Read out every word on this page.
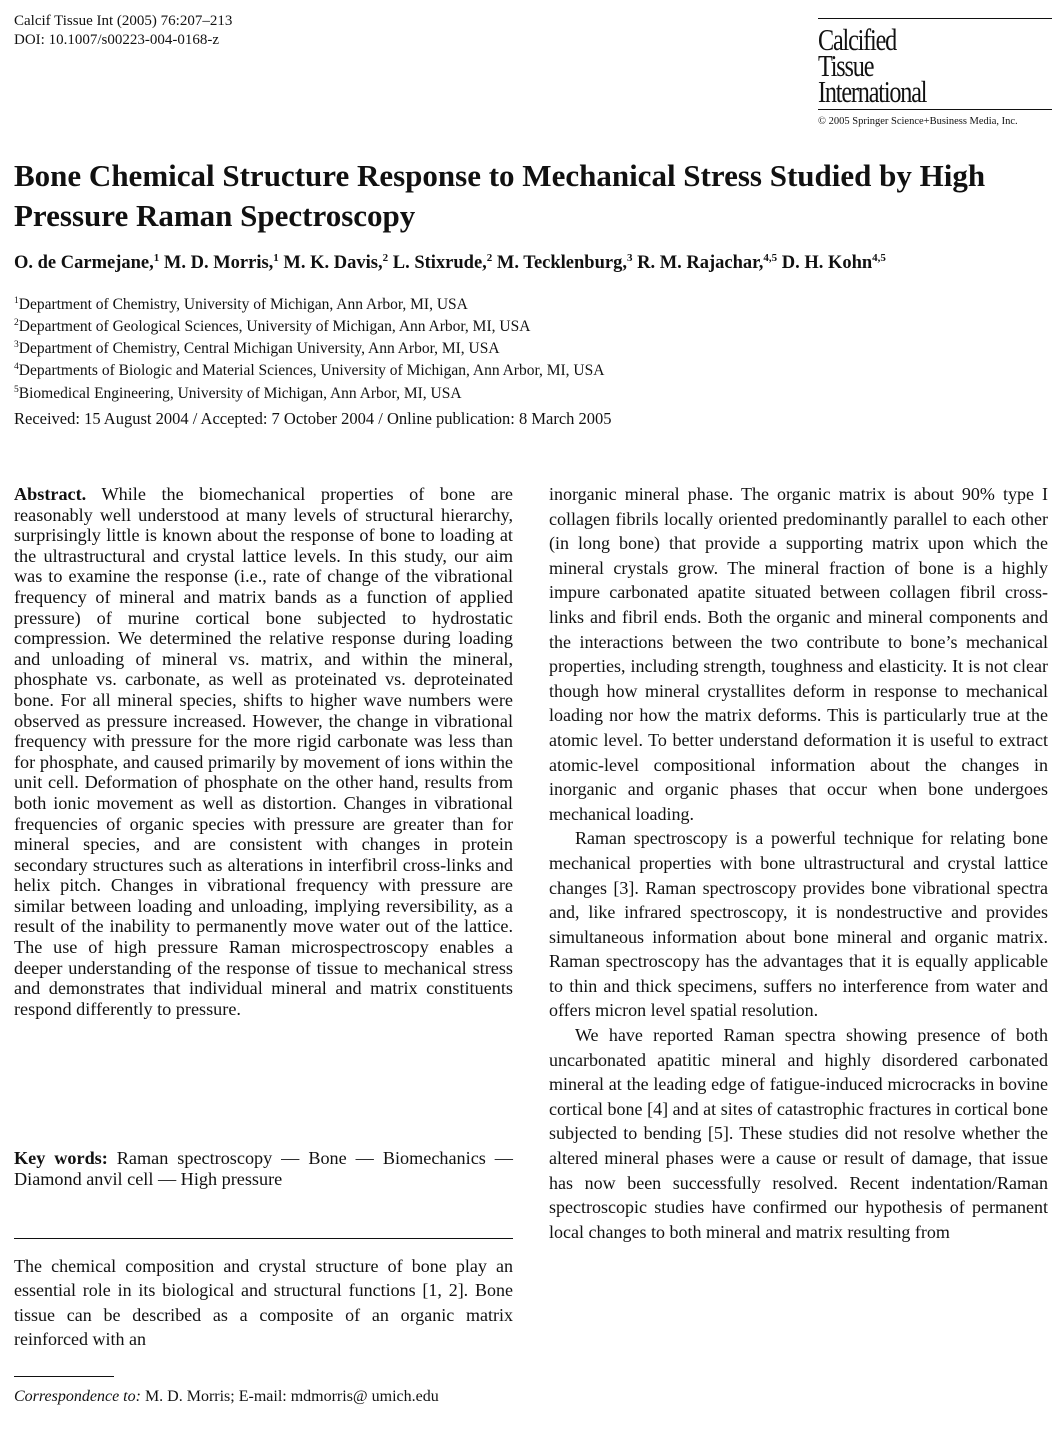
Calcif Tissue Int (2005) 76:207–213
DOI: 10.1007/s00223-004-0168-z	Calcified
Tissue
International
© 2005 Springer Science+Business Media, Inc.
Bone Chemical Structure Response to Mechanical Stress Studied by High Pressure Raman Spectroscopy
O. de Carmejane,$^1$ M. D. Morris,$^1$ M. K. Davis,$^2$ L. Stixrude,$^2$ M. Tecklenburg,$^3$ R. M. Rajachar,$^{4,5}$ D. H. Kohn$^{4,5}$
$^1$Department of Chemistry, University of Michigan, Ann Arbor, MI, USA
$^2$Department of Geological Sciences, University of Michigan, Ann Arbor, MI, USA
$^3$Department of Chemistry, Central Michigan University, Ann Arbor, MI, USA
$^4$Departments of Biologic and Material Sciences, University of Michigan, Ann Arbor, MI, USA
$^5$Biomedical Engineering, University of Michigan, Ann Arbor, MI, USA
Received: 15 August 2004 / Accepted: 7 October 2004 / Online publication: 8 March 2005
Abstract. While the biomechanical properties of bone are reasonably well understood at many levels of structural hierarchy, surprisingly little is known about the response of bone to loading at the ultrastructural and crystal lattice levels. In this study, our aim was to examine the response (i.e., rate of change of the vibrational frequency of mineral and matrix bands as a function of applied pressure) of murine cortical bone subjected to hydrostatic compression. We determined the relative response during loading and unloading of mineral vs. matrix, and within the mineral, phosphate vs. carbonate, as well as proteinated vs. deproteinated bone. For all mineral species, shifts to higher wave numbers were observed as pressure increased. However, the change in vibrational frequency with pressure for the more rigid carbonate was less than for phosphate, and caused primarily by movement of ions within the unit cell. Deformation of phosphate on the other hand, results from both ionic movement as well as distortion. Changes in vibrational frequencies of organic species with pressure are greater than for mineral species, and are consistent with changes in protein secondary structures such as alterations in interfibril cross-links and helix pitch. Changes in vibrational frequency with pressure are similar between loading and unloading, implying reversibility, as a result of the inability to permanently move water out of the lattice. The use of high pressure Raman microspectroscopy enables a deeper understanding of the response of tissue to mechanical stress and demonstrates that individual mineral and matrix constituents respond differently to pressure.
Key words: Raman spectroscopy — Bone — Biomechanics — Diamond anvil cell — High pressure
The chemical composition and crystal structure of bone play an essential role in its biological and structural functions [1, 2]. Bone tissue can be described as a composite of an organic matrix reinforced with an
Correspondence to: M. D. Morris; E-mail: mdmorris@ umich.edu

inorganic mineral phase. The organic matrix is about 90% type I collagen fibrils locally oriented predominantly parallel to each other (in long bone) that provide a supporting matrix upon which the mineral crystals grow. The mineral fraction of bone is a highly impure carbonated apatite situated between collagen fibril cross-links and fibril ends. Both the organic and mineral components and the interactions between the two contribute to bone’s mechanical properties, including strength, toughness and elasticity. It is not clear though how mineral crystallites deform in response to mechanical loading nor how the matrix deforms. This is particularly true at the atomic level. To better understand deformation it is useful to extract atomic-level compositional information about the changes in inorganic and organic phases that occur when bone undergoes mechanical loading.

Raman spectroscopy is a powerful technique for relating bone mechanical properties with bone ultrastructural and crystal lattice changes [3]. Raman spectroscopy provides bone vibrational spectra and, like infrared spectroscopy, it is nondestructive and provides simultaneous information about bone mineral and organic matrix. Raman spectroscopy has the advantages that it is equally applicable to thin and thick specimens, suffers no interference from water and offers micron level spatial resolution.

We have reported Raman spectra showing presence of both uncarbonated apatitic mineral and highly disordered carbonated mineral at the leading edge of fatigue-induced microcracks in bovine cortical bone [4] and at sites of catastrophic fractures in cortical bone subjected to bending [5]. These studies did not resolve whether the altered mineral phases were a cause or result of damage, that issue has now been successfully resolved. Recent indentation/Raman spectroscopic studies have confirmed our hypothesis of permanent local changes to both mineral and matrix resulting from
